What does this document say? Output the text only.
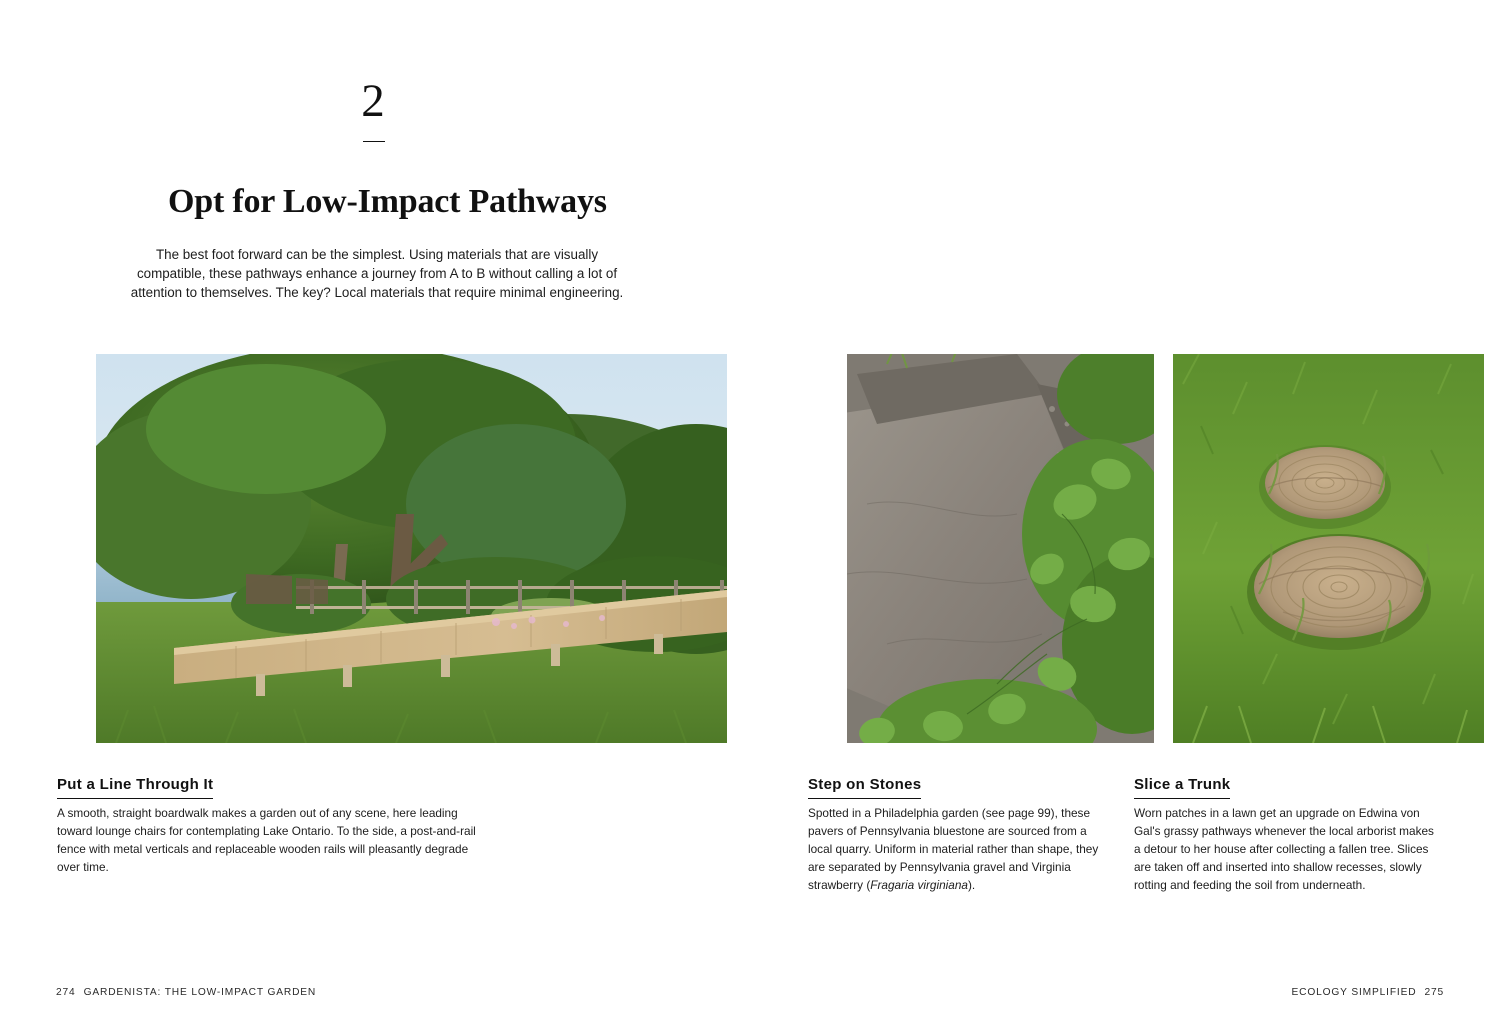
2
Opt for Low-Impact Pathways

The best foot forward can be the simplest. Using materials that are visually compatible, these pathways enhance a journey from A to B without calling a lot of attention to themselves. The key? Local materials that require minimal engineering.

Put a Line Through It

A smooth, straight boardwalk makes a garden out of any scene, here leading toward lounge chairs for contemplating Lake Ontario. To the side, a post-and-rail fence with metal verticals and replaceable wooden rails will pleasantly degrade over time.

Step on Stones

Spotted in a Philadelphia garden (see page 99), these pavers of Pennsylvania bluestone are sourced from a local quarry. Uniform in material rather than shape, they are separated by Pennsylvania gravel and Virginia strawberry (Fragaria virginiana).

Slice a Trunk

Worn patches in a lawn get an upgrade on Edwina von Gal's grassy pathways whenever the local arborist makes a detour to her house after collecting a fallen tree. Slices are taken off and inserted into shallow recesses, slowly rotting and feeding the soil from underneath.

274 GARDENISTA: THE LOW-IMPACT GARDEN	ECOLOGY SIMPLIFIED 275
